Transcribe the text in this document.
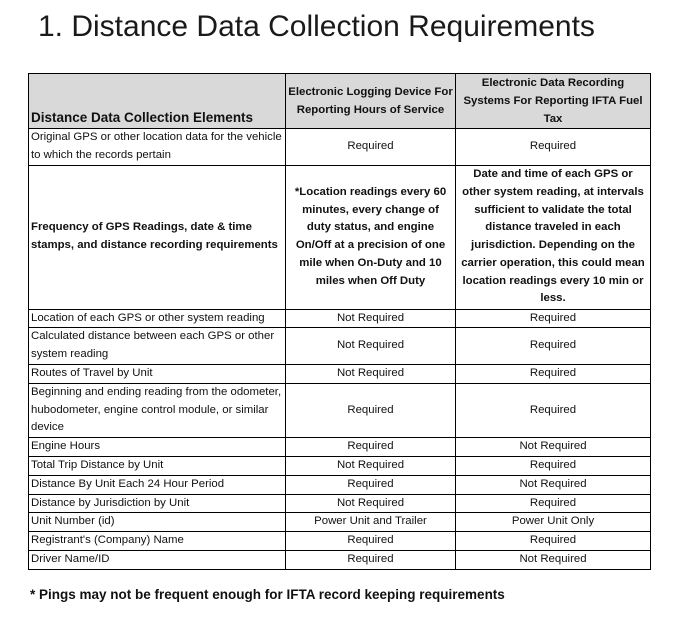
1. Distance Data Collection Requirements
Distance Data Collection Elements	Electronic Logging Device For Reporting Hours of Service	Electronic Data Recording Systems For Reporting IFTA Fuel Tax
Original GPS or other location data for the vehicle to which the records pertain	Required	Required
Frequency of GPS Readings, date & time stamps, and distance recording requirements	*Location readings every 60 minutes, every change of duty status, and engine On/Off at a precision of one mile when On-Duty and 10 miles when Off Duty	Date and time of each GPS or other system reading, at intervals sufficient to validate the total distance traveled in each jurisdiction. Depending on the carrier operation, this could mean location readings every 10 min or less.
Location of each GPS or other system reading	Not Required	Required
Calculated distance between each GPS or other system reading	Not Required	Required
Routes of Travel by Unit	Not Required	Required
Beginning and ending reading from the odometer, hubodometer, engine control module, or similar device	Required	Required
Engine Hours	Required	Not Required
Total Trip Distance by Unit	Not Required	Required
Distance By Unit Each 24 Hour Period	Required	Not Required
Distance by Jurisdiction by Unit	Not Required	Required
Unit Number (id)	Power Unit and Trailer	Power Unit Only
Registrant's (Company) Name	Required	Required
Driver Name/ID	Required	Not Required
* Pings may not be frequent enough for IFTA record keeping requirements
